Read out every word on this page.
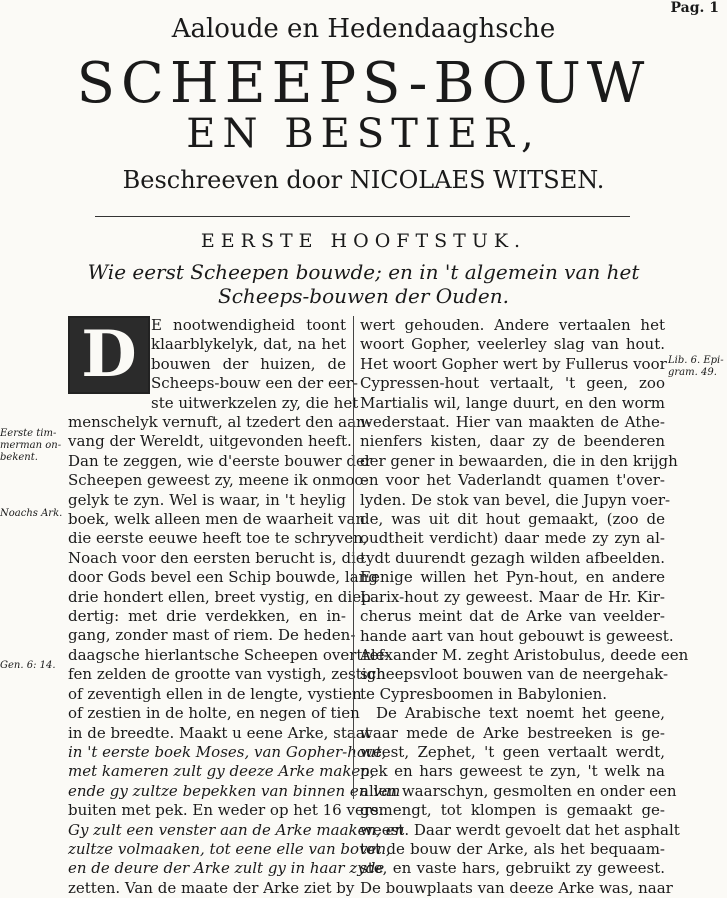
Pag. 1
Aaloude en Hedendaaghsche
SCHEEPS-BOUW
EN BESTIER,
Beschreeven door NICOLAES WITSEN.
EERSTE HOOFTSTUK.
Wie eerst Scheepen bouwde; en in 't algemein van het
Scheeps-bouwen der Ouden.
D E nootwendigheid toont
klaarblykelyk, dat, na het
bouwen der huizen, de
Scheeps-bouw een der eer-
ste uitwerkzelen zy, die het
menschelyk vernuft, al tzedert den aan-
vang der Wereldt, uitgevonden heeft.
Dan te zeggen, wie d'eerste bouwer der
Scheepen geweest zy, meene ik onmoo-
gelyk te zyn. Wel is waar, in 't heylig
boek, welk alleen men de waarheit van
die eerste eeuwe heeft toe te schryven,
Noach voor den eersten berucht is, die
door Gods bevel een Schip bouwde, lang
drie hondert ellen, breet vystig, en diep
dertig: met drie verdekken, en in-
gang, zonder mast of riem. De heden-
daagsche hierlantsche Scheepen overtref-
fen zelden de grootte van vystigh, zestigh
of zeventigh ellen in de lengte, vystien
of zestien in de holte, en negen of tien
in de breedte. Maakt u eene Arke, staat
in 't eerste boek Moses, van Gopher-hout,
met kameren zult gy deeze Arke maken,
ende gy zultze bepekken van binnen en van
buiten met pek. En weder op het 16 vers:
Gy zult een venster aan de Arke maaken, en
zultze volmaaken, tot eene elle van boven,
en de deure der Arke zult gy in haar zyde
zetten. Van de maate der Arke ziet by
wert gehouden. Andere vertaalen het
woort Gopher, veelerley slag van hout.
Het woort Gopher wert by Fullerus voor
Cypressen-hout vertaalt, 't geen, zoo
Martialis wil, lange duurt, en den worm
wederstaat. Hier van maakten de Athe-
nienfers kisten, daar zy de beenderen
der gener in bewaarden, die in den krijgh
en voor het Vaderlandt quamen t'over-
lyden. De stok van bevel, die Jupyn voer-
de, was uit dit hout gemaakt, (zoo de
oudtheit verdicht) daar mede zy zyn al-
tydt duurendt gezagh wilden afbeelden.
Eenige willen het Pyn-hout, en andere
Larix-hout zy geweest. Maar de Hr. Kir-
cherus meint dat de Arke van veelder-
hande aart van hout gebouwt is geweest.
Alexander M. zeght Aristobulus, deede een
scheepsvloot bouwen van de neergehak-
te Cypresboomen in Babylonien.
De Arabische text noemt het geene,
waar mede de Arke bestreeken is ge-
weest, Zephet, 't geen vertaalt werdt,
pek en hars geweest te zyn, 't welk na
allen waarschyn, gesmolten en onder een
gemengt, tot klompen is gemaakt ge-
weest. Daar werdt gevoelt dat het asphalt
tot de bouw der Arke, als het bequaam-
ste, en vaste hars, gebruikt zy geweest.
De bouwplaats van deeze Arke was, naar
Eerste tim-
merman on-
bekent.
Noachs Ark.
Gen. 6: 14.
Lib. 6. Epi-
gram. 49.
